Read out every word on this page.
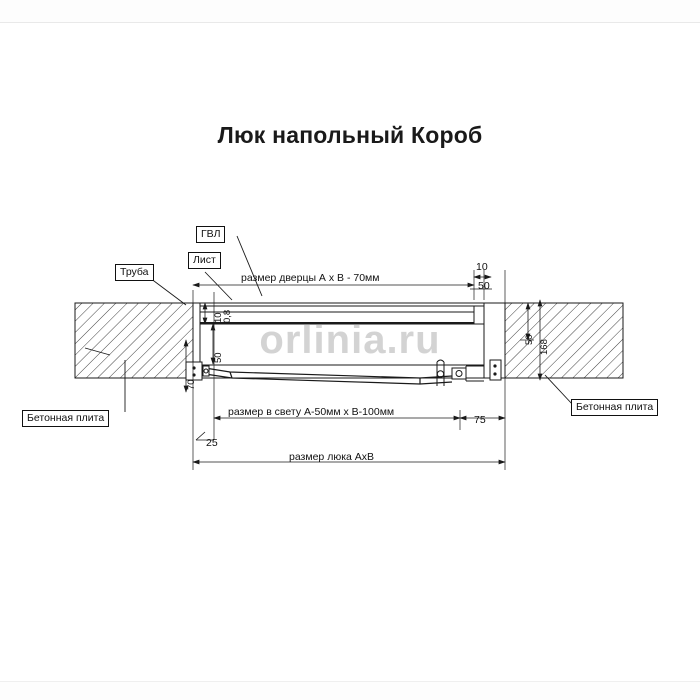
Люк напольный Короб
orlinia.ru
Труба
Лист
ГВЛ
Бетонная плита
Бетонная плита
размер дверцы А х В - 70мм
размер в свету А-50мм х В-100мм
размер люка АхВ
10
50
10
0,8
50
70
25
75
50 168
